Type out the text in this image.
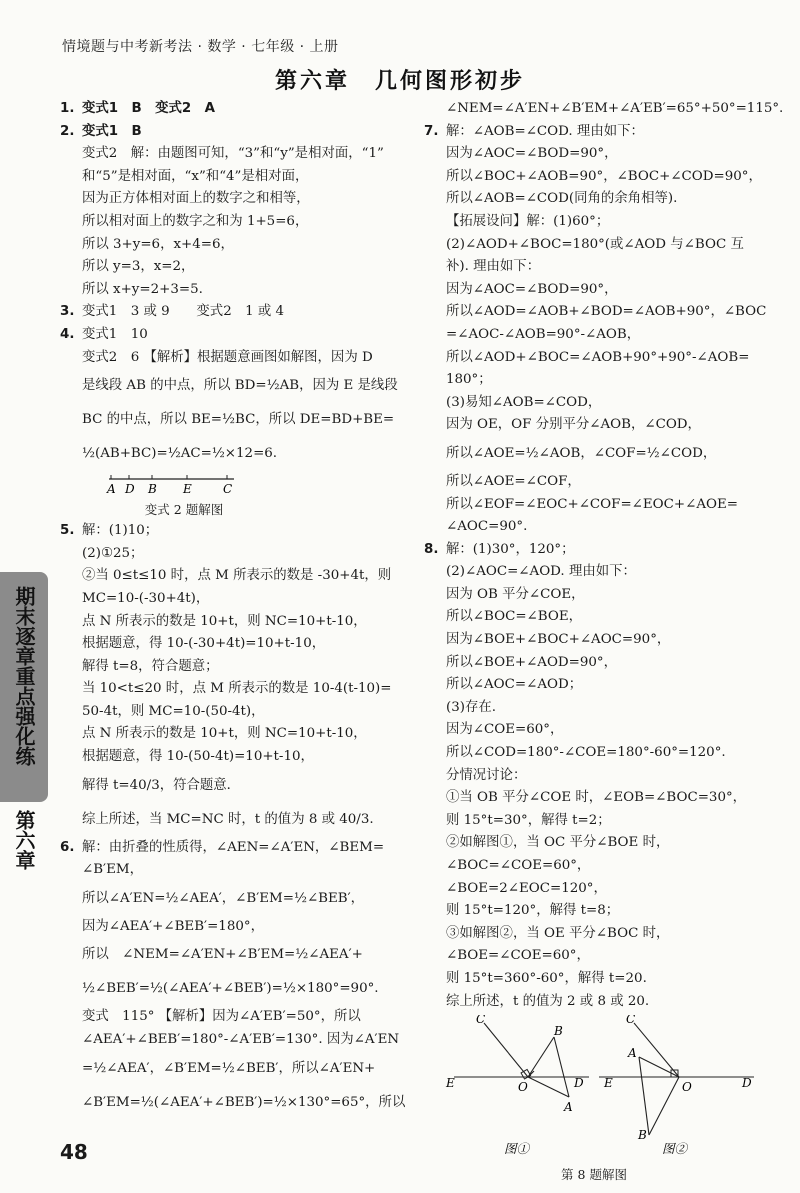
情境题与中考新考法 · 数学 · 七年级 · 上册
第六章　几何图形初步
1. 变式1　B　变式2　A
2. 变式1　B
变式2　解：由题图可知，“3”和“y”是相对面，“1”
和“5”是相对面，“x”和“4”是相对面，
因为正方体相对面上的数字之和相等，
所以相对面上的数字之和为 1+5=6，
所以 3+y=6，x+4=6，
所以 y=3，x=2，
所以 x+y=2+3=5.
3. 变式1　3 或 9　　变式2　1 或 4
4. 变式1　10
变式2　6 【解析】根据题意画图如解图，因为 D
是线段 AB 的中点，所以 BD=½AB，因为 E 是线段
BC 的中点，所以 BE=½BC，所以 DE=BD+BE=
½(AB+BC)=½AC=½×12=6.
A D B E	C
变式 2 题解图
5. 解：(1)10；
(2)①25；
②当 0≤t≤10 时，点 M 所表示的数是 -30+4t，则
MC=10-(-30+4t)，
点 N 所表示的数是 10+t，则 NC=10+t-10，
根据题意，得 10-(-30+4t)=10+t-10，
解得 t=8，符合题意；
当 10<t≤20 时，点 M 所表示的数是 10-4(t-10)=
50-4t，则 MC=10-(50-4t)，
点 N 所表示的数是 10+t，则 NC=10+t-10，
根据题意，得 10-(50-4t)=10+t-10，
解得 t=40/3，符合题意．
综上所述，当 MC=NC 时，t 的值为 8 或 40/3.
6. 解：由折叠的性质得，∠AEN=∠A′EN，∠BEM=
∠B′EM，
所以∠A′EN=½∠AEA′，∠B′EM=½∠BEB′，
因为∠AEA′+∠BEB′=180°，
所以　∠NEM=∠A′EN+∠B′EM=½∠AEA′+
½∠BEB′=½(∠AEA′+∠BEB′)=½×180°=90°.
变式　115° 【解析】因为∠A′EB′=50°，所以
∠AEA′+∠BEB′=180°-∠A′EB′=130°. 因为∠A′EN
=½∠AEA′，∠B′EM=½∠BEB′，所以∠A′EN+
∠B′EM=½(∠AEA′+∠BEB′)=½×130°=65°，所以
∠NEM=∠A′EN+∠B′EM+∠A′EB′=65°+50°=115°.
7. 解：∠AOB=∠COD. 理由如下：
因为∠AOC=∠BOD=90°，
所以∠BOC+∠AOB=90°，∠BOC+∠COD=90°，
所以∠AOB=∠COD(同角的余角相等).
【拓展设问】解：(1)60°；
(2)∠AOD+∠BOC=180°(或∠AOD 与∠BOC 互
补). 理由如下：
因为∠AOC=∠BOD=90°，
所以∠AOD=∠AOB+∠BOD=∠AOB+90°，∠BOC
=∠AOC-∠AOB=90°-∠AOB，
所以∠AOD+∠BOC=∠AOB+90°+90°-∠AOB=
180°；
(3)易知∠AOB=∠COD，
因为 OE，OF 分别平分∠AOB，∠COD，
所以∠AOE=½∠AOB，∠COF=½∠COD，
所以∠AOE=∠COF，
所以∠EOF=∠EOC+∠COF=∠EOC+∠AOE=
∠AOC=90°.
8. 解：(1)30°，120°；
(2)∠AOC=∠AOD. 理由如下：
因为 OB 平分∠COE，
所以∠BOC=∠BOE，
因为∠BOE+∠BOC+∠AOC=90°，
所以∠BOE+∠AOD=90°，
所以∠AOC=∠AOD；
(3)存在.
因为∠COE=60°，
所以∠COD=180°-∠COE=180°-60°=120°.
分情况讨论：
①当 OB 平分∠COE 时，∠EOB=∠BOC=30°，
则 15°t=30°，解得 t=2；
②如解图①，当 OC 平分∠BOE 时，
∠BOC=∠COE=60°，
∠BOE=2∠EOC=120°，
则 15°t=120°，解得 t=8；
③如解图②，当 OE 平分∠BOC 时，
∠BOE=∠COE=60°，
则 15°t=360°-60°，解得 t=20.
综上所述，t 的值为 2 或 8 或 20.
C
B
E	O	D
A
C
A
E	O	D
B
图①	图②
第 8 题解图
期末逐章重点强化练
第六章
48
